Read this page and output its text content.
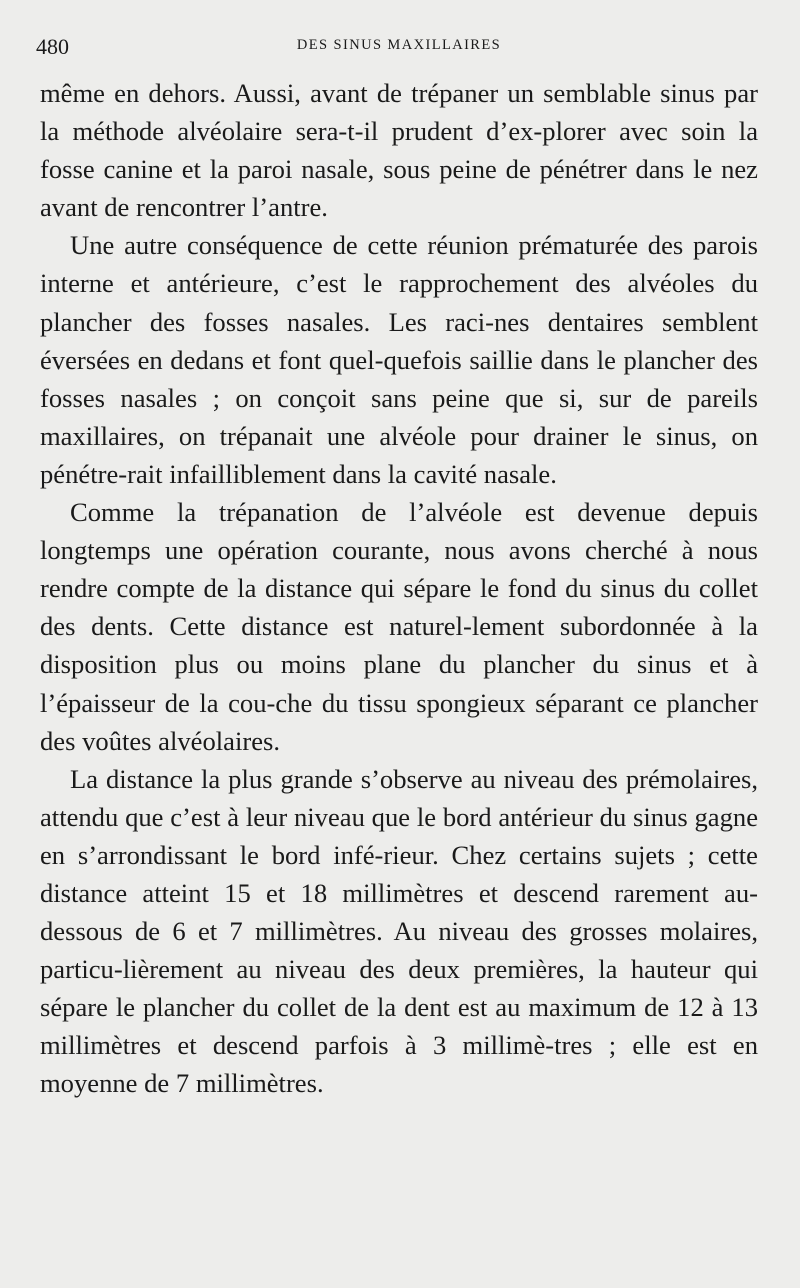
480	DES SINUS MAXILLAIRES

même en dehors. Aussi, avant de trépaner un semblable sinus par la méthode alvéolaire sera-t-il prudent d’ex-plorer avec soin la fosse canine et la paroi nasale, sous peine de pénétrer dans le nez avant de rencontrer l’antre.

Une autre conséquence de cette réunion prématurée des parois interne et antérieure, c’est le rapprochement des alvéoles du plancher des fosses nasales. Les raci-nes dentaires semblent éversées en dedans et font quel-quefois saillie dans le plancher des fosses nasales ; on conçoit sans peine que si, sur de pareils maxillaires, on trépanait une alvéole pour drainer le sinus, on pénétre-rait infailliblement dans la cavité nasale.

Comme la trépanation de l’alvéole est devenue depuis longtemps une opération courante, nous avons cherché à nous rendre compte de la distance qui sépare le fond du sinus du collet des dents. Cette distance est naturel-lement subordonnée à la disposition plus ou moins plane du plancher du sinus et à l’épaisseur de la cou-che du tissu spongieux séparant ce plancher des voûtes alvéolaires.

La distance la plus grande s’observe au niveau des prémolaires, attendu que c’est à leur niveau que le bord antérieur du sinus gagne en s’arrondissant le bord infé-rieur. Chez certains sujets ; cette distance atteint 15 et 18 millimètres et descend rarement au-dessous de 6 et 7 millimètres. Au niveau des grosses molaires, particu-lièrement au niveau des deux premières, la hauteur qui sépare le plancher du collet de la dent est au maximum de 12 à 13 millimètres et descend parfois à 3 millimè-tres ; elle est en moyenne de 7 millimètres.
